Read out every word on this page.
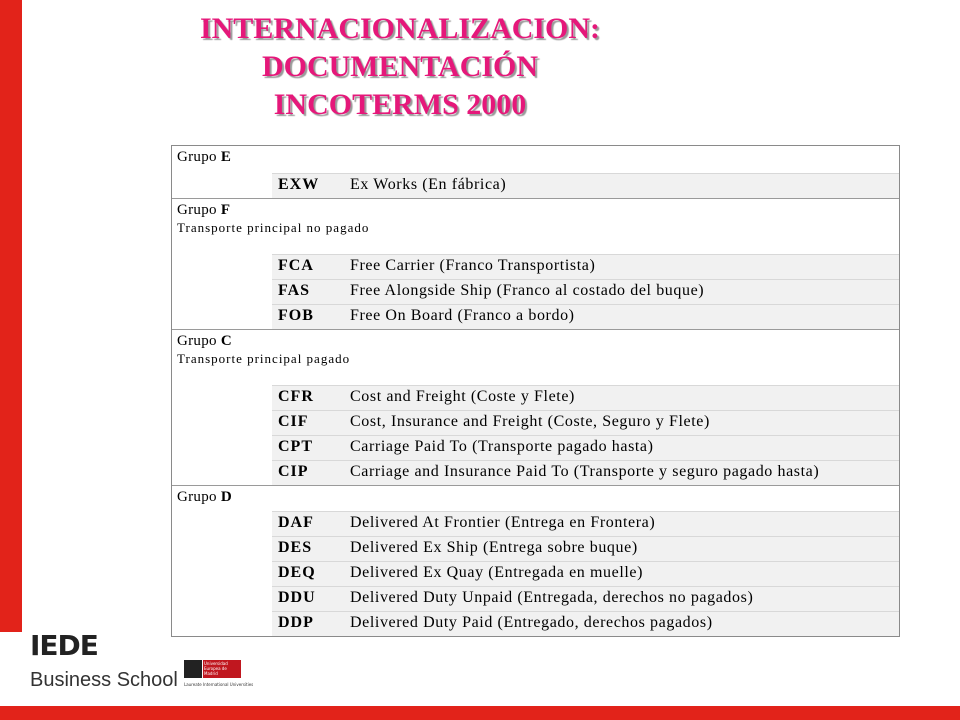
INTERNACIONALIZACION:
DOCUMENTACIÓN
INCOTERMS 2000
Grupo E
EXW Ex Works (En fábrica)
Grupo F
Transporte principal no pagado
FCA Free Carrier (Franco Transportista)
FAS Free Alongside Ship (Franco al costado del buque)
FOB Free On Board (Franco a bordo)
Grupo C
Transporte principal pagado
CFR Cost and Freight (Coste y Flete)
CIF	Cost, Insurance and Freight (Coste, Seguro y Flete)
CPT Carriage Paid To (Transporte pagado hasta)
CIP	Carriage and Insurance Paid To (Transporte y seguro pagado hasta)
Grupo D
DAF Delivered At Frontier (Entrega en Frontera)
DES Delivered Ex Ship (Entrega sobre buque)
DEQ Delivered Ex Quay (Entregada en muelle)
DDU Delivered Duty Unpaid (Entregada, derechos no pagados)
DDP Delivered Duty Paid (Entregado, derechos pagados)
IEDE
Business School
Universidad Europea de Madrid
Laureate International Universities
